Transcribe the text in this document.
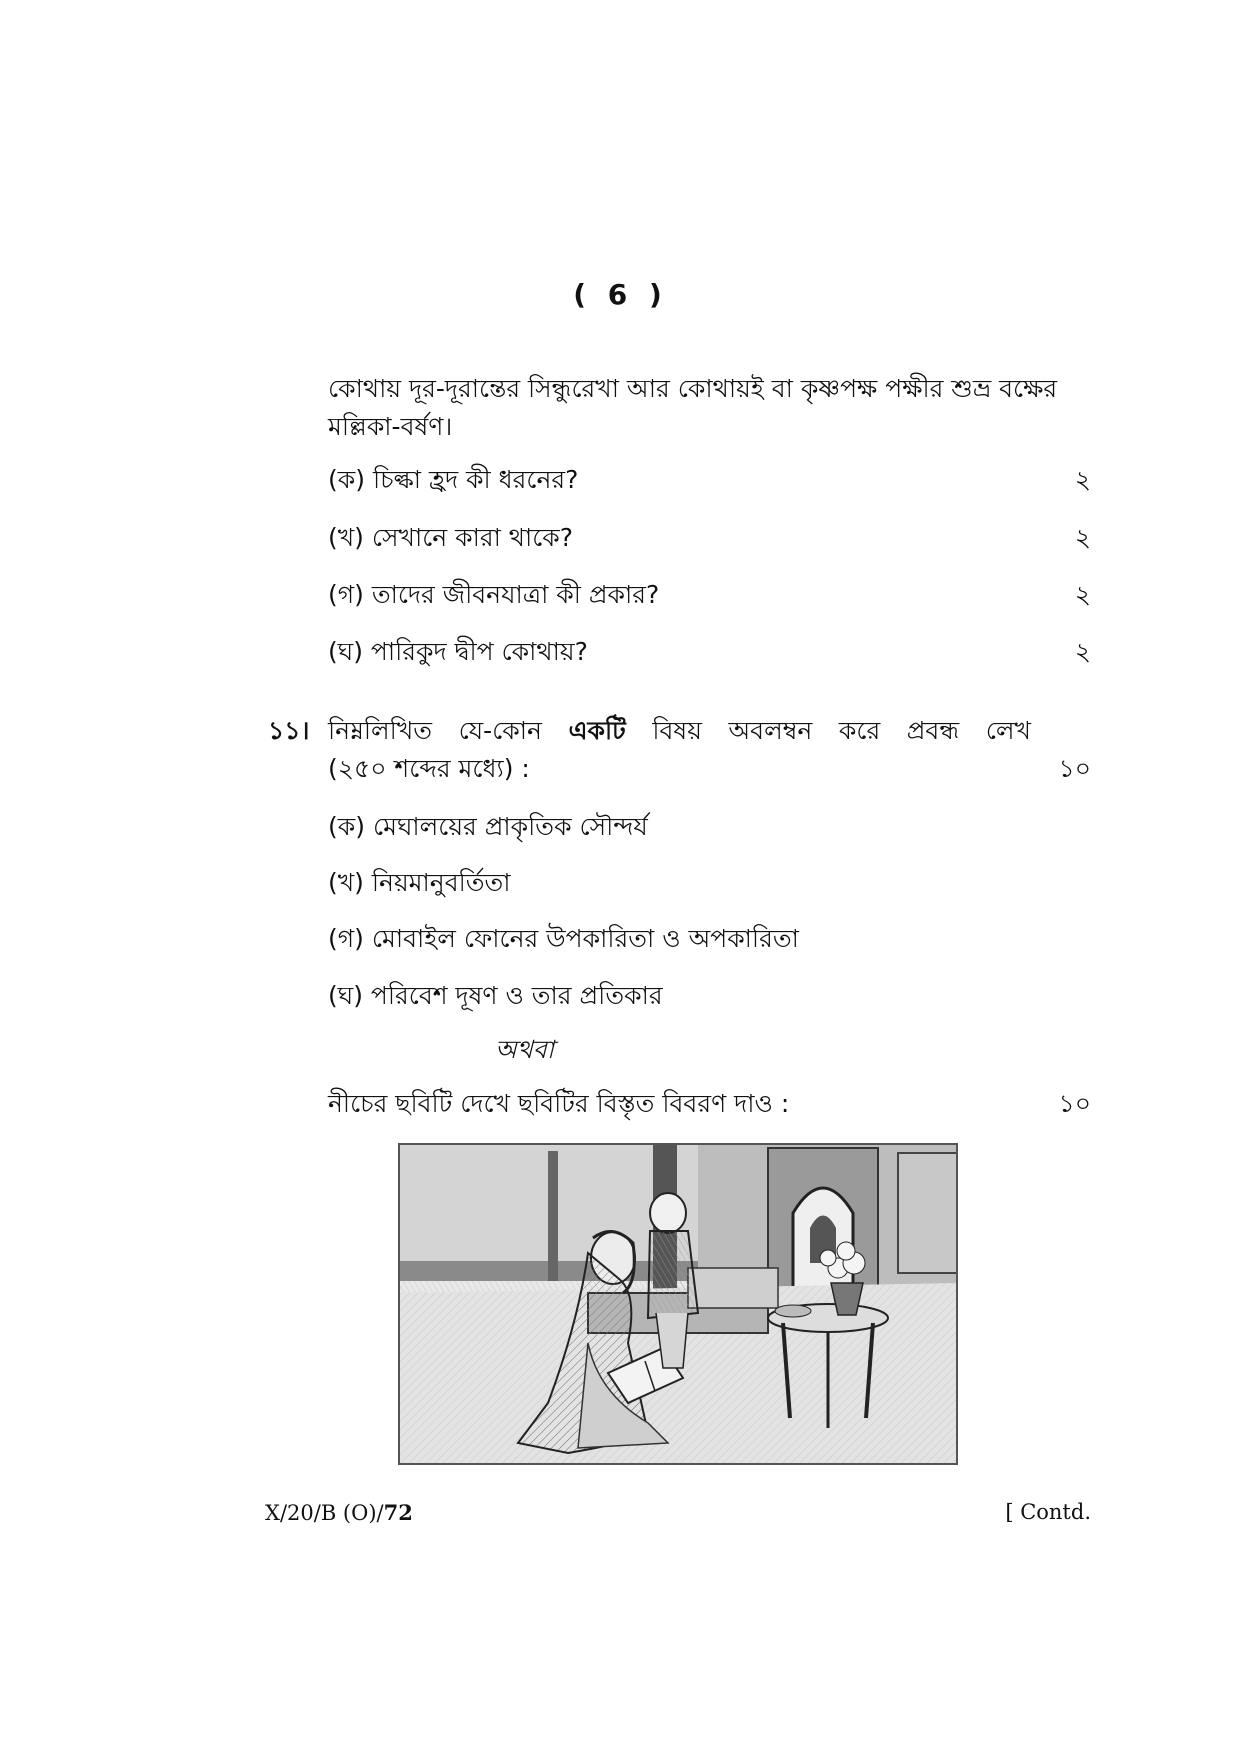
( 6 )
কোথায় দূর-দূরান্তের সিন্ধুরেখা আর কোথায়ই বা কৃষ্ণপক্ষ পক্ষীর শুভ্র বক্ষের
মল্লিকা-বর্ষণ।
(ক) চিল্কা হ্রদ কী ধরনের?	২
(খ) সেখানে কারা থাকে?	২
(গ) তাদের জীবনযাত্রা কী প্রকার?	২
(ঘ) পারিকুদ দ্বীপ কোথায়?	২
১১। নিম্নলিখিত যে-কোন একটি বিষয় অবলম্বন করে প্রবন্ধ লেখ
(২৫০ শব্দের মধ্যে) :	১০
(ক) মেঘালয়ের প্রাকৃতিক সৌন্দর্য
(খ) নিয়মানুবর্তিতা
(গ) মোবাইল ফোনের উপকারিতা ও অপকারিতা
(ঘ) পরিবেশ দূষণ ও তার প্রতিকার
অথবা
নীচের ছবিটি দেখে ছবিটির বিস্তৃত বিবরণ দাও :	১০
X/20/B (O)/72	[ Contd.
